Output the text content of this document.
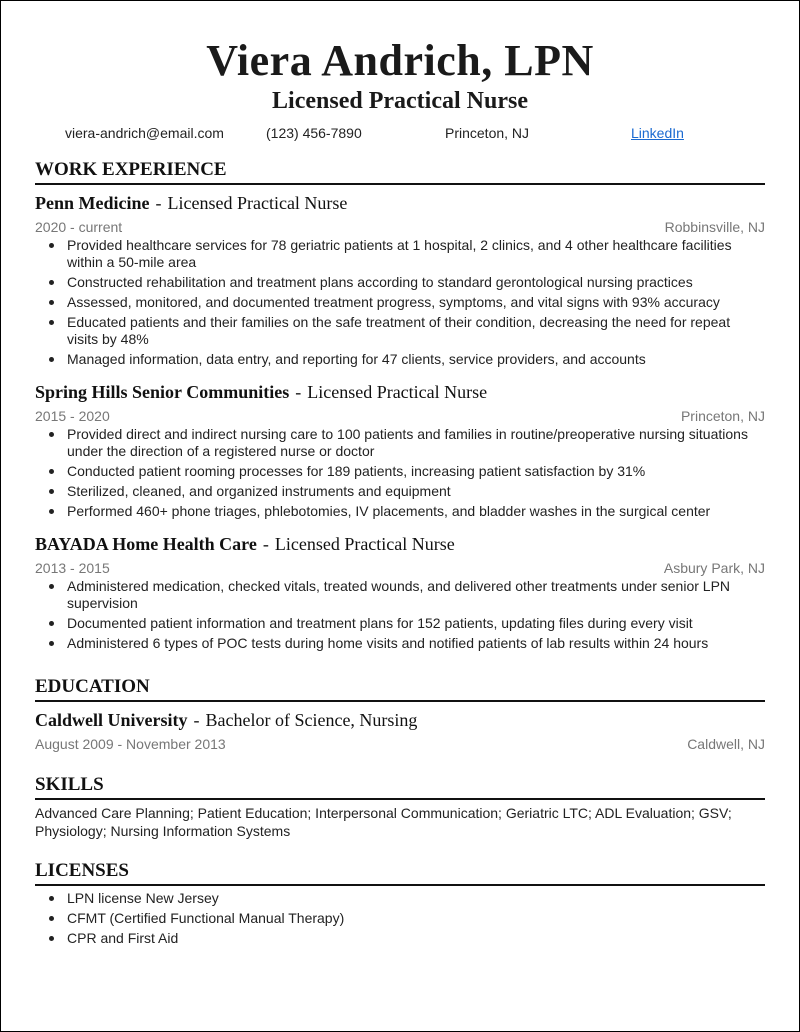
Viera Andrich, LPN
Licensed Practical Nurse
viera-andrich@email.com	(123) 456-7890	Princeton, NJ	LinkedIn
WORK EXPERIENCE
Penn Medicine - Licensed Practical Nurse
2020 - current	Robbinsville, NJ
Provided healthcare services for 78 geriatric patients at 1 hospital, 2 clinics, and 4 other healthcare facilities within a 50-mile area
Constructed rehabilitation and treatment plans according to standard gerontological nursing practices
Assessed, monitored, and documented treatment progress, symptoms, and vital signs with 93% accuracy
Educated patients and their families on the safe treatment of their condition, decreasing the need for repeat visits by 48%
Managed information, data entry, and reporting for 47 clients, service providers, and accounts
Spring Hills Senior Communities - Licensed Practical Nurse
2015 - 2020	Princeton, NJ
Provided direct and indirect nursing care to 100 patients and families in routine/preoperative nursing situations under the direction of a registered nurse or doctor
Conducted patient rooming processes for 189 patients, increasing patient satisfaction by 31%
Sterilized, cleaned, and organized instruments and equipment
Performed 460+ phone triages, phlebotomies, IV placements, and bladder washes in the surgical center
BAYADA Home Health Care - Licensed Practical Nurse
2013 - 2015	Asbury Park, NJ
Administered medication, checked vitals, treated wounds, and delivered other treatments under senior LPN supervision
Documented patient information and treatment plans for 152 patients, updating files during every visit
Administered 6 types of POC tests during home visits and notified patients of lab results within 24 hours
EDUCATION
Caldwell University - Bachelor of Science, Nursing
August 2009 - November 2013	Caldwell, NJ
SKILLS
Advanced Care Planning; Patient Education; Interpersonal Communication; Geriatric LTC; ADL Evaluation; GSV; Physiology; Nursing Information Systems
LICENSES
LPN license New Jersey
CFMT (Certified Functional Manual Therapy)
CPR and First Aid
